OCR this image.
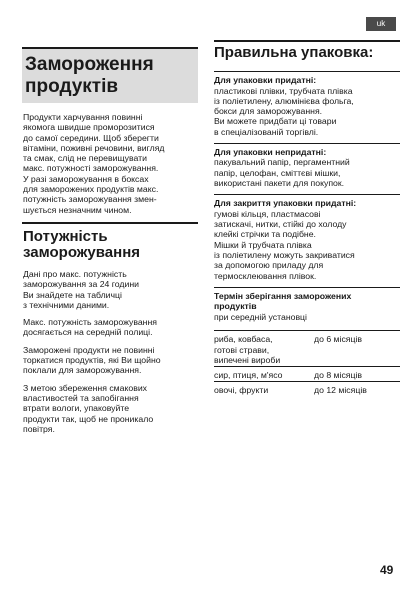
uk
Замороження
продуктів

Продукти харчування повинні
якомога швидше проморозитися
до самої середини. Щоб зберегти
вітаміни, поживні речовини, вигляд
та смак, слід не перевищувати
макс. потужності заморожування.
У разі заморожування в боксах
для заморожених продуктів макс.
потужність заморожування змен-
шується незначним чином.

Потужність
заморожування

Дані про макс. потужність
заморожування за 24 години
Ви знайдете на табличці
з технічними даними.

Макс. потужність заморожування
досягається на середній полиці.

Заморожені продукти не повинні
торкатися продуктів, які Ви щойно
поклали для заморожування.

З метою збереження смакових
властивостей та запобігання
втрати вологи, упаковуйте
продукти так, щоб не проникало
повітря.

Правильна упаковка:

Для упаковки придатні:

пластикові плівки, трубчата плівка
із поліетилену, алюмінієва фольга,
бокси для заморожування.
Ви можете придбати ці товари
в спеціалізованій торгівлі.

Для упаковки непридатні:

пакувальний папір, пергаментний
папір, целофан, сміттєві мішки,
використані пакети для покупок.

Для закриття упаковки придатні:

гумові кільця, пластмасові
затискачі, нитки, стійкі до холоду
клейкі стрічки та подібне.
Мішки й трубчата плівка
із поліетилену можуть закриватися
за допомогою приладу для
термосклеювання плівок.

Термін зберігання заморожених
продуктів

при середній установці

риба, ковбаса,
готові страви,
випечені вироби	до 6 місяців

сир, птиця, м'ясо	до 8 місяців

овочі, фрукти	до 12 місяців
49
